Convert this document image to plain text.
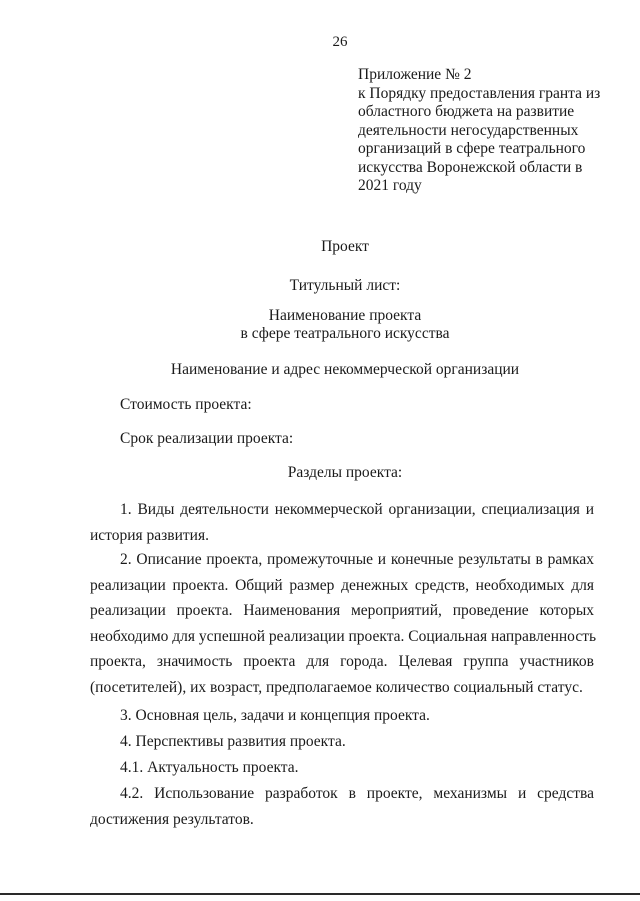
26
Приложение № 2
к Порядку предоставления гранта из
областного бюджета на развитие
деятельности негосударственных
организаций в сфере театрального
искусства Воронежской области в
2021 году
Проект
Титульный лист:
Наименование проекта
в сфере театрального искусства
Наименование и адрес некоммерческой организации
Стоимость проекта:
Срок реализации проекта:
Разделы проекта:
1. Виды деятельности некоммерческой организации, специализация и
история развития.
2. Описание проекта, промежуточные и конечные результаты в рамках
реализации проекта. Общий размер денежных средств, необходимых для
реализации проекта. Наименования мероприятий, проведение которых
необходимо для успешной реализации проекта. Социальная направленность
проекта, значимость проекта для города. Целевая группа участников
(посетителей), их возраст, предполагаемое количество социальный статус.
3. Основная цель, задачи и концепция проекта.
4. Перспективы развития проекта.
4.1. Актуальность проекта.
4.2. Использование разработок в проекте, механизмы и средства
достижения результатов.
